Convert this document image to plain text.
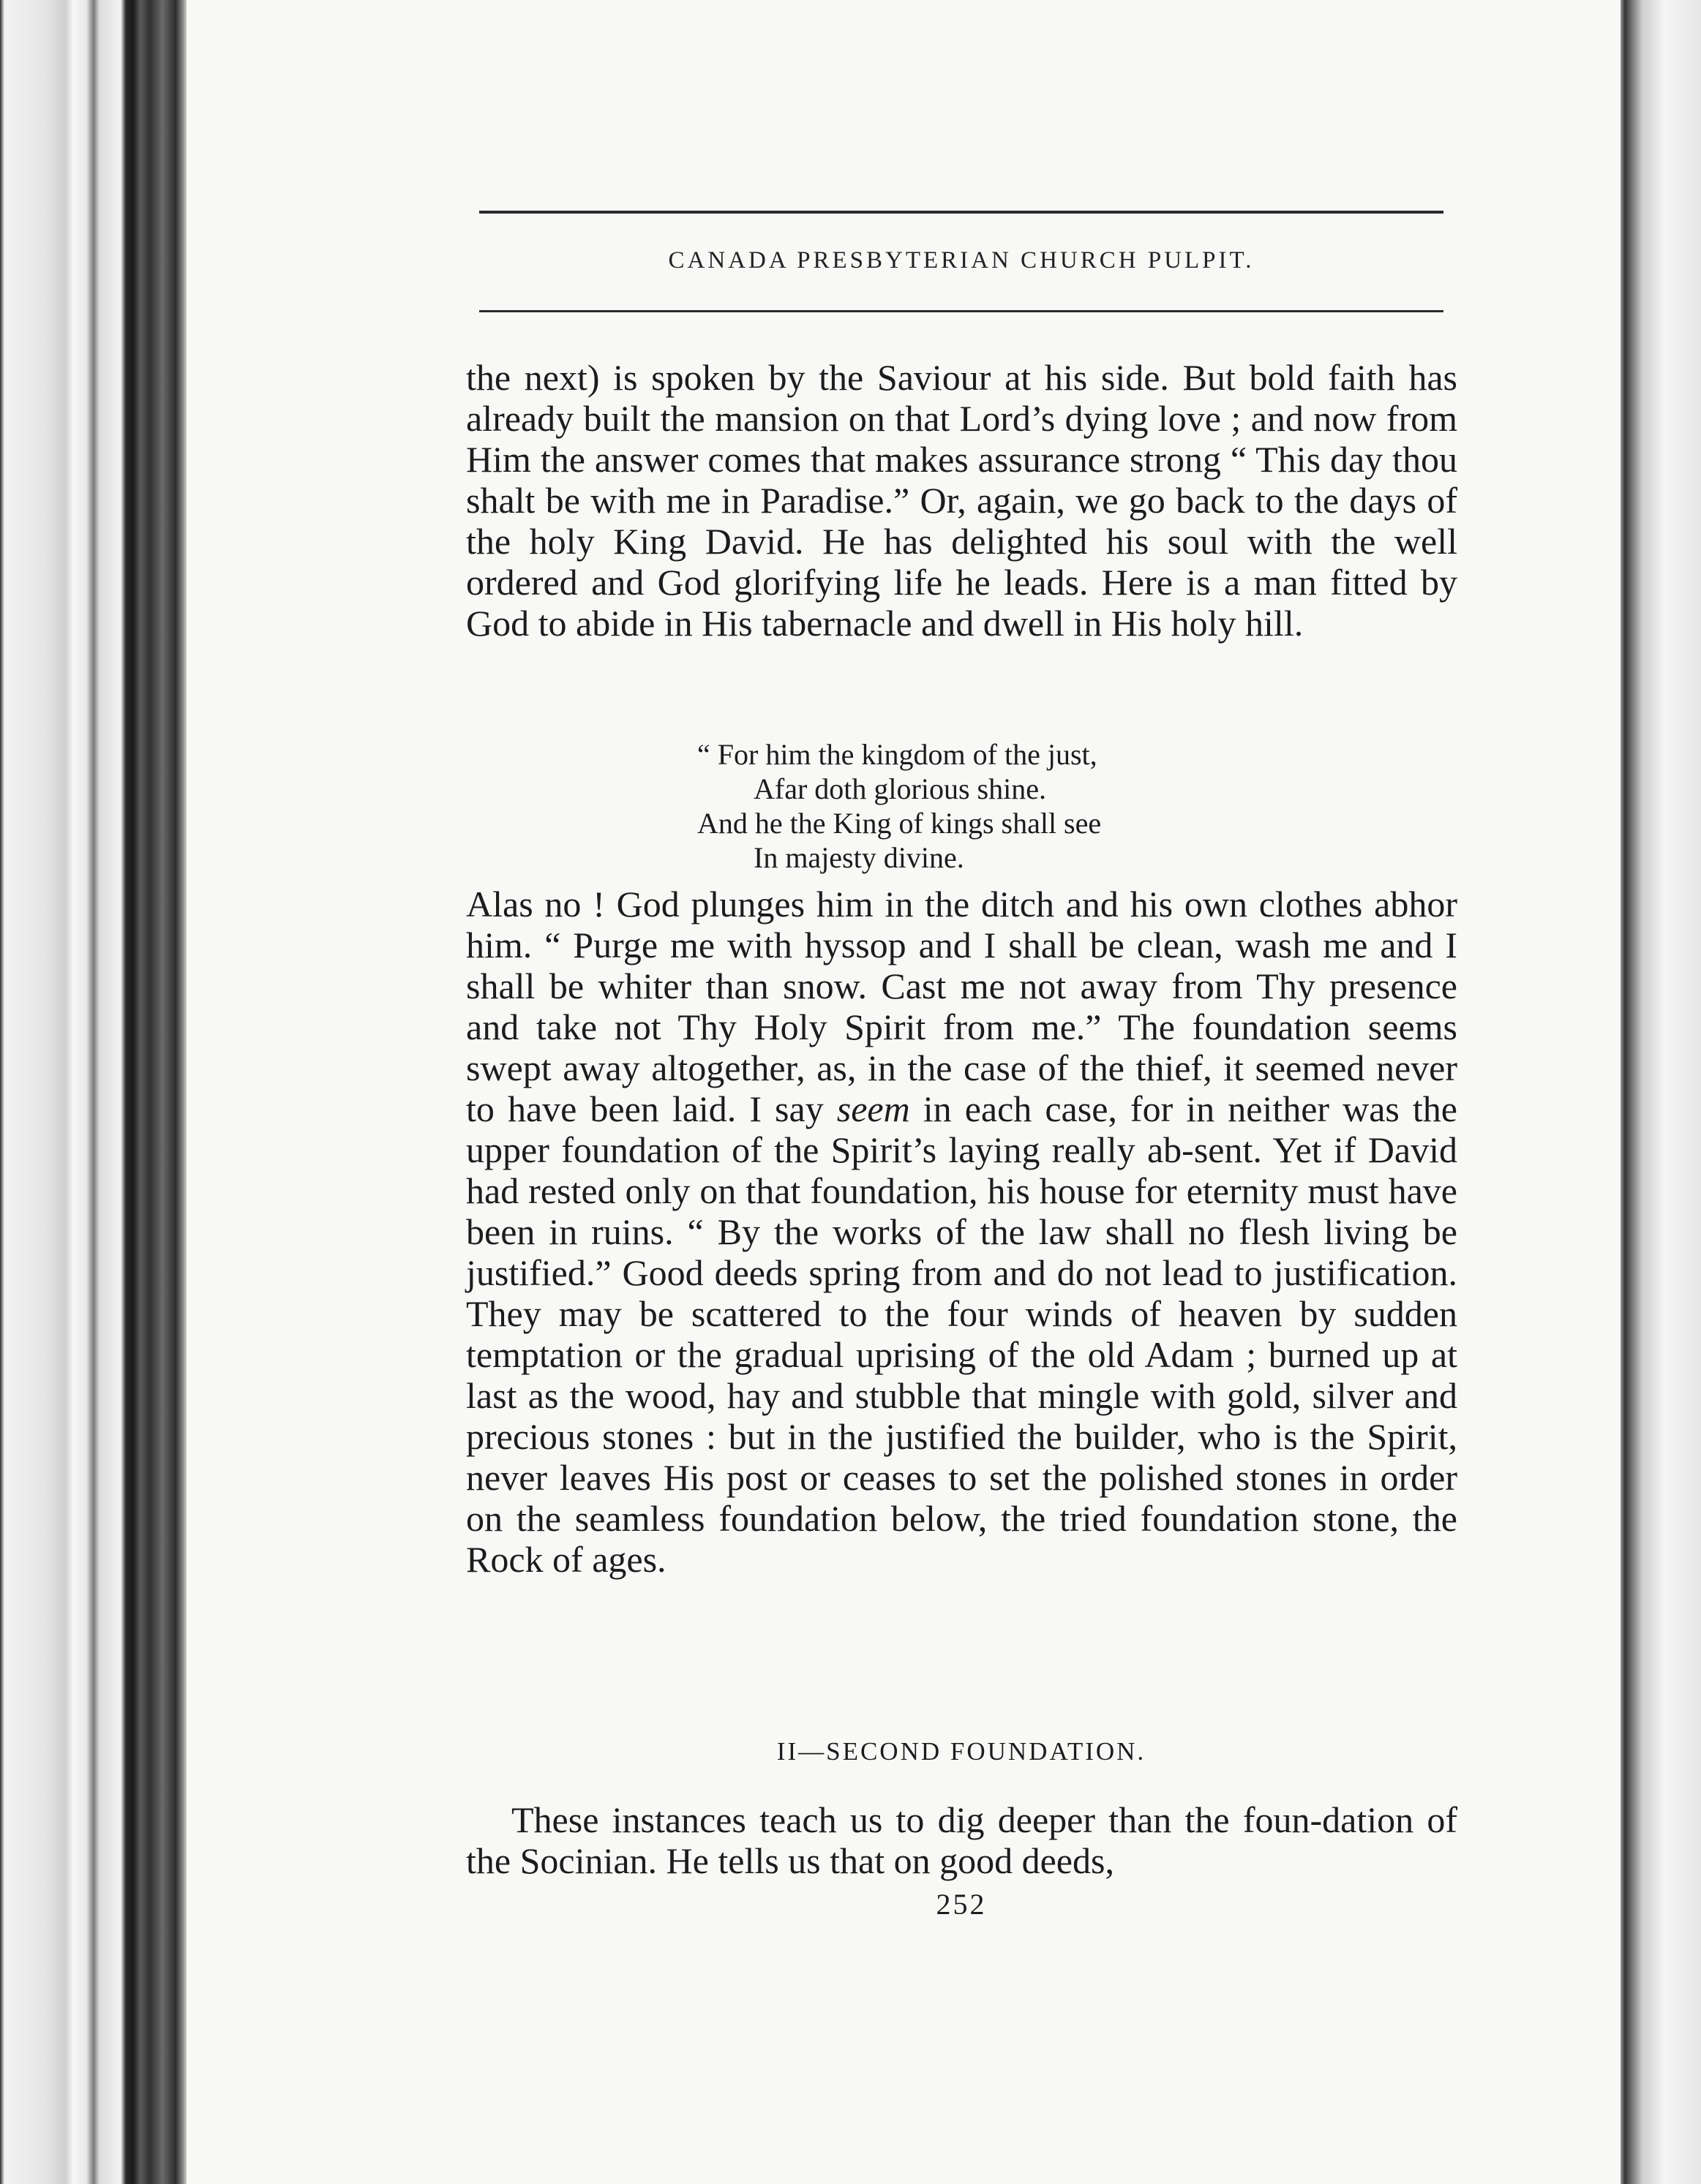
CANADA PRESBYTERIAN CHURCH PULPIT.

the next) is spoken by the Saviour at his side. But bold faith has already built the mansion on that Lord’s dying love ; and now from Him the answer comes that makes assurance strong “ This day thou shalt be with me in Paradise.” Or, again, we go back to the days of the holy King David. He has delighted his soul with the well ordered and God glorifying life he leads. Here is a man fitted by God to abide in His tabernacle and dwell in His holy hill.

“ For him the kingdom of the just,
Afar doth glorious shine.
And he the King of kings shall see
In majesty divine.

Alas no ! God plunges him in the ditch and his own clothes abhor him. “ Purge me with hyssop and I shall be clean, wash me and I shall be whiter than snow. Cast me not away from Thy presence and take not Thy Holy Spirit from me.” The foundation seems swept away altogether, as, in the case of the thief, it seemed never to have been laid. I say seem in each case, for in neither was the upper foundation of the Spirit’s laying really ab-sent. Yet if David had rested only on that foundation, his house for eternity must have been in ruins. “ By the works of the law shall no flesh living be justified.” Good deeds spring from and do not lead to justification. They may be scattered to the four winds of heaven by sudden temptation or the gradual uprising of the old Adam ; burned up at last as the wood, hay and stubble that mingle with gold, silver and precious stones : but in the justified the builder, who is the Spirit, never leaves His post or ceases to set the polished stones in order on the seamless foundation below, the tried foundation stone, the Rock of ages.

II—SECOND FOUNDATION.

These instances teach us to dig deeper than the foun-dation of the Socinian. He tells us that on good deeds,

252
